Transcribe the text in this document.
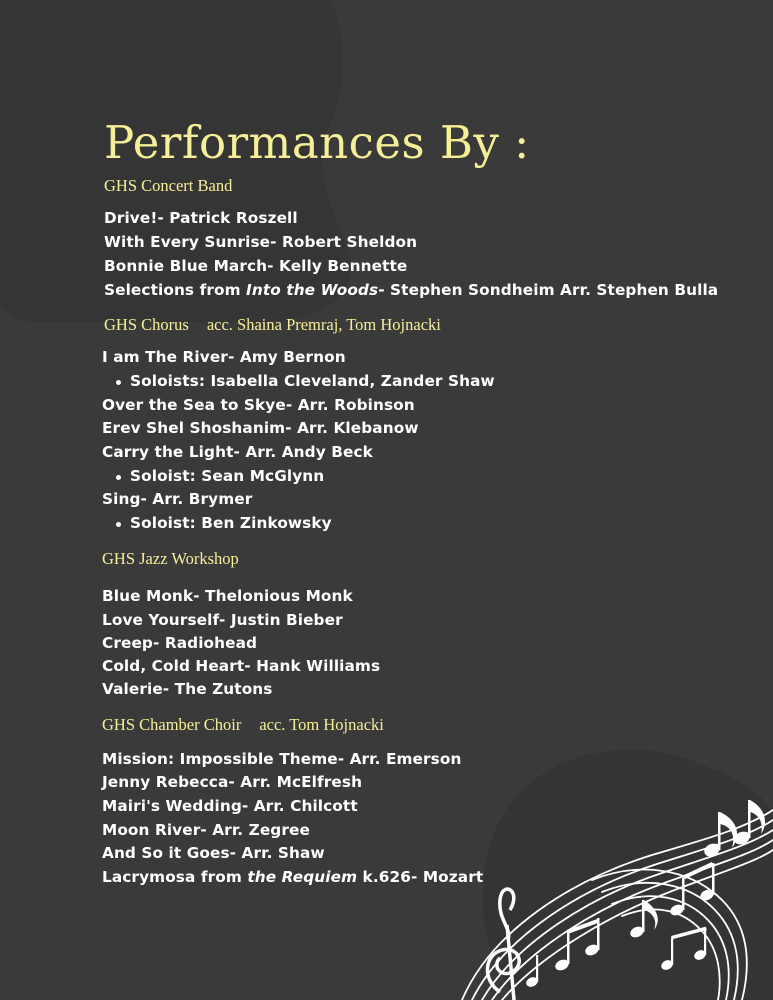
Performances By :
GHS Concert Band
Drive!- Patrick Roszell
With Every Sunrise- Robert Sheldon
Bonnie Blue March- Kelly Bennette
Selections from Into the Woods- Stephen Sondheim Arr. Stephen Bulla
GHS Chorus acc. Shaina Premraj, Tom Hojnacki
I am The River- Amy Bernon
Soloists: Isabella Cleveland, Zander Shaw
Over the Sea to Skye- Arr. Robinson
Erev Shel Shoshanim- Arr. Klebanow
Carry the Light- Arr. Andy Beck
Soloist: Sean McGlynn
Sing- Arr. Brymer
Soloist: Ben Zinkowsky
GHS Jazz Workshop
Blue Monk- Thelonious Monk
Love Yourself- Justin Bieber
Creep- Radiohead
Cold, Cold Heart- Hank Williams
Valerie- The Zutons
GHS Chamber Choir acc. Tom Hojnacki
Mission: Impossible Theme- Arr. Emerson
Jenny Rebecca- Arr. McElfresh
Mairi's Wedding- Arr. Chilcott
Moon River- Arr. Zegree
And So it Goes- Arr. Shaw
Lacrymosa from the Requiem k.626- Mozart
